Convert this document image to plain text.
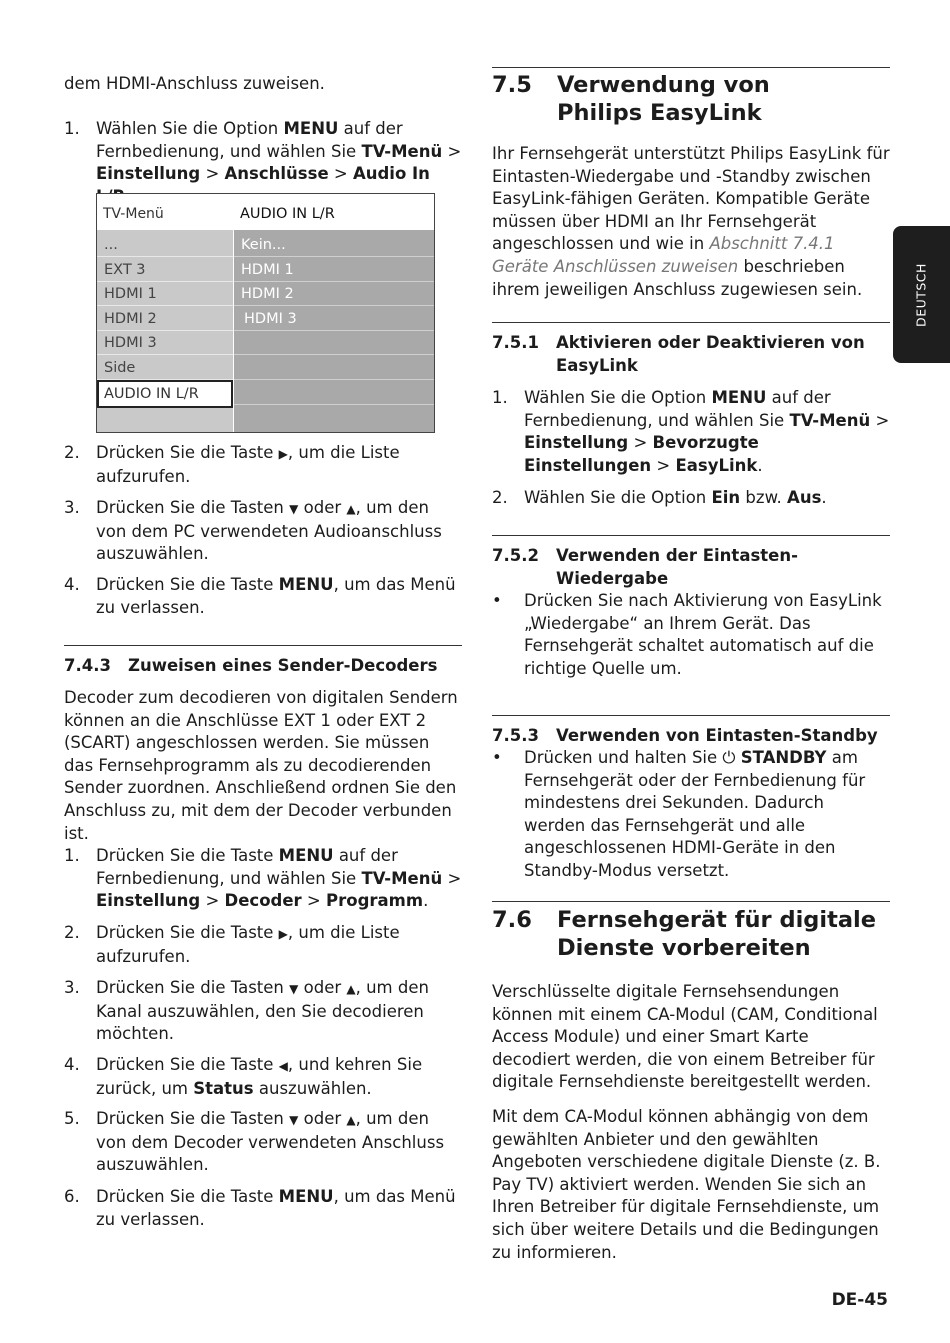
dem HDMI-Anschluss zuweisen.

1. Wählen Sie die Option MENU auf der Fernbedienung, und wählen Sie TV-Menü > Einstellung > Anschlüsse > Audio In
TV-Menü	AUDIO IN L/R
...
EXT 3
HDMI 1
HDMI 2
HDMI 3
Side
AUDIO IN L/R
Kein...
HDMI 1
HDMI 2
HDMI 3
2. Drücken Sie die Taste ▶, um die Liste aufzurufen.
3. Drücken Sie die Tasten ▼ oder ▲, um den von dem PC verwendeten Audioanschluss auszuwählen.
4. Drücken Sie die Taste MENU, um das Menü zu verlassen.
7.4.3 Zuweisen eines Sender-Decoders

Decoder zum decodieren von digitalen Sendern können an die Anschlüsse EXT 1 oder EXT 2 (SCART) angeschlossen werden. Sie müssen das Fernsehprogramm als zu decodierenden Sender zuordnen. Anschließend ordnen Sie den Anschluss zu, mit dem der Decoder verbunden ist.

1. Drücken Sie die Taste MENU auf der Fernbedienung, und wählen Sie TV-Menü > Einstellung > Decoder > Programm.
2. Drücken Sie die Taste ▶, um die Liste aufzurufen.
3. Drücken Sie die Tasten ▼ oder ▲, um den Kanal auszuwählen, den Sie decodieren möchten.
4. Drücken Sie die Taste ◀, und kehren Sie zurück, um Status auszuwählen.
5. Drücken Sie die Tasten ▼ oder ▲, um den von dem Decoder verwendeten Anschluss auszuwählen.
6. Drücken Sie die Taste MENU, um das Menü zu verlassen.
7.5 Verwendung von
Philips EasyLink

Ihr Fernsehgerät unterstützt Philips EasyLink für Eintasten-Wiedergabe und -Standby zwischen EasyLink-fähigen Geräten. Kompatible Geräte müssen über HDMI an Ihr Fernsehgerät angeschlossen und wie in Abschnitt 7.4.1 Geräte Anschlüssen zuweisen beschrieben ihrem jeweiligen Anschluss zugewiesen sein.

7.5.1 Aktivieren oder Deaktivieren von EasyLink
1. Wählen Sie die Option MENU auf der Fernbedienung, und wählen Sie TV-Menü > Einstellung > Bevorzugte Einstellungen > EasyLink.
2. Wählen Sie die Option Ein bzw. Aus.
7.5.2 Verwenden der Eintasten-Wiedergabe
• Drücken Sie nach Aktivierung von EasyLink „Wiedergabe“ an Ihrem Gerät. Das Fernsehgerät schaltet automatisch auf die richtige Quelle um.
7.5.3 Verwenden von Eintasten-Standby
• Drücken und halten Sie ⏻ STANDBY am Fernsehgerät oder der Fernbedienung für mindestens drei Sekunden. Dadurch werden das Fernsehgerät und alle angeschlossenen HDMI-Geräte in den Standby-Modus versetzt.
7.6 Fernsehgerät für digitale
Dienste vorbereiten

Verschlüsselte digitale Fernsehsendungen können mit einem CA-Modul (CAM, Conditional Access Module) und einer Smart Karte decodiert werden, die von einem Betreiber für digitale Fernsehdienste bereitgestellt werden.

Mit dem CA-Modul können abhängig von dem gewählten Anbieter und den gewählten Angeboten verschiedene digitale Dienste (z. B. Pay TV) aktiviert werden. Wenden Sie sich an Ihren Betreiber für digitale Fernsehdienste, um sich über weitere Details und die Bedingungen zu informieren.

DEUTSCH
DE-45
